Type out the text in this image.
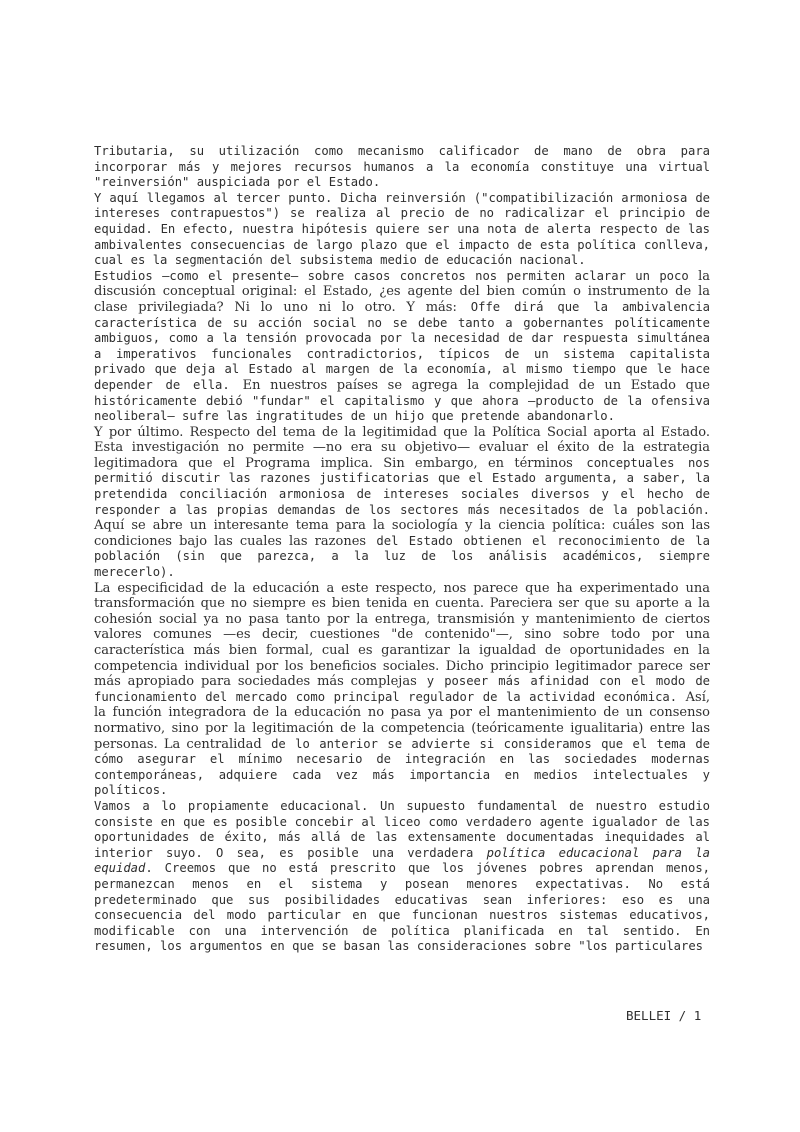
Tributaria, su utilización como mecanismo calificador de mano de obra para incorporar más y mejores recursos humanos a la economía constituye una virtual "reinversión" auspiciada por el Estado.

Y aquí llegamos al tercer punto. Dicha reinversión ("compatibilización armoniosa de intereses contrapuestos") se realiza al precio de no radicalizar el principio de equidad. En efecto, nuestra hipótesis quiere ser una nota de alerta respecto de las ambivalentes consecuencias de largo plazo que el impacto de esta política conlleva, cual es la segmentación del subsistema medio de educación nacional.

Estudios —como el presente— sobre casos concretos nos permiten aclarar un poco la discusión conceptual original: el Estado, ¿es agente del bien común o instrumento de la clase privilegiada? Ni lo uno ni lo otro. Y más: Offe dirá que la ambivalencia característica de su acción social no se debe tanto a gobernantes políticamente ambiguos, como a la tensión provocada por la necesidad de dar respuesta simultánea a imperativos funcionales contradictorios, típicos de un sistema capitalista privado que deja al Estado al margen de la economía, al mismo tiempo que le hace depender de ella. En nuestros países se agrega la complejidad de un Estado que históricamente debió "fundar" el capitalismo y que ahora —producto de la ofensiva neoliberal— sufre las ingratitudes de un hijo que pretende abandonarlo.

Y por último. Respecto del tema de la legitimidad que la Política Social aporta al Estado. Esta investigación no permite —no era su objetivo— evaluar el éxito de la estrategia legitimadora que el Programa implica. Sin embargo, en términos conceptuales nos permitió discutir las razones justificatorias que el Estado argumenta, a saber, la pretendida conciliación armoniosa de intereses sociales diversos y el hecho de responder a las propias demandas de los sectores más necesitados de la población. Aquí se abre un interesante tema para la sociología y la ciencia política: cuáles son las condiciones bajo las cuales las razones del Estado obtienen el reconocimiento de la población (sin que parezca, a la luz de los análisis académicos, siempre merecerlo).

La especificidad de la educación a este respecto, nos parece que ha experimentado una transformación que no siempre es bien tenida en cuenta. Pareciera ser que su aporte a la cohesión social ya no pasa tanto por la entrega, transmisión y mantenimiento de ciertos valores comunes —es decir, cuestiones "de contenido"—, sino sobre todo por una característica más bien formal, cual es garantizar la igualdad de oportunidades en la competencia individual por los beneficios sociales. Dicho principio legitimador parece ser más apropiado para sociedades más complejas y poseer más afinidad con el modo de funcionamiento del mercado como principal regulador de la actividad económica. Así, la función integradora de la educación no pasa ya por el mantenimiento de un consenso normativo, sino por la legitimación de la competencia (teóricamente igualitaria) entre las personas. La centralidad de lo anterior se advierte si consideramos que el tema de cómo asegurar el mínimo necesario de integración en las sociedades modernas contemporáneas, adquiere cada vez más importancia en medios intelectuales y políticos.

Vamos a lo propiamente educacional. Un supuesto fundamental de nuestro estudio consiste en que es posible concebir al liceo como verdadero agente igualador de las oportunidades de éxito, más allá de las extensamente documentadas inequidades al interior suyo. O sea, es posible una verdadera política educacional para la equidad. Creemos que no está prescrito que los jóvenes pobres aprendan menos, permanezcan menos en el sistema y posean menores expectativas. No está predeterminado que sus posibilidades educativas sean inferiores: eso es una consecuencia del modo particular en que funcionan nuestros sistemas educativos, modificable con una intervención de política planificada en tal sentido. En resumen, los argumentos en que se basan las consideraciones sobre "los particulares

BELLEI / 1
